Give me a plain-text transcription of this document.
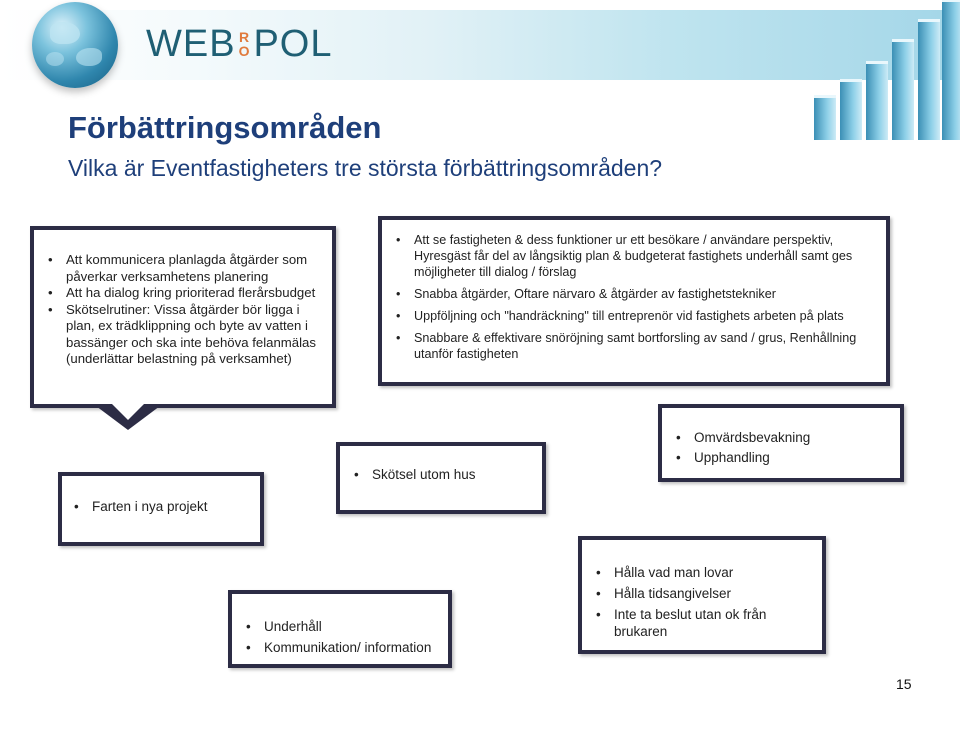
WEB R
O POL
Förbättringsområden
Vilka är Eventfastigheters tre största förbättringsområden?
• Att kommunicera planlagda åtgärder som påverkar verksamhetens planering
• Att ha dialog kring prioriterad flerårsbudget
• Skötselrutiner: Vissa åtgärder bör ligga i plan, ex trädklippning och byte av vatten i bassänger och ska inte behöva felanmälas (underlättar belastning på verksamhet)
• Att se fastigheten & dess funktioner ur ett besökare / användare perspektiv, Hyresgäst får del av långsiktig plan & budgeterat fastighets underhåll samt ges möjligheter till dialog / förslag
• Snabba åtgärder, Oftare närvaro & åtgärder av fastighetstekniker
• Uppföljning och "handräckning" till entreprenör vid fastighets arbeten på plats
• Snabbare & effektivare snöröjning samt bortforsling av sand / grus, Renhållning utanför fastigheten
• Farten i nya projekt
• Skötsel utom hus
• Omvärdsbevakning
• Upphandling
• Underhåll
• Kommunikation/ information
• Hålla vad man lovar
• Hålla tidsangivelser
• Inte ta beslut utan ok från brukaren
15
